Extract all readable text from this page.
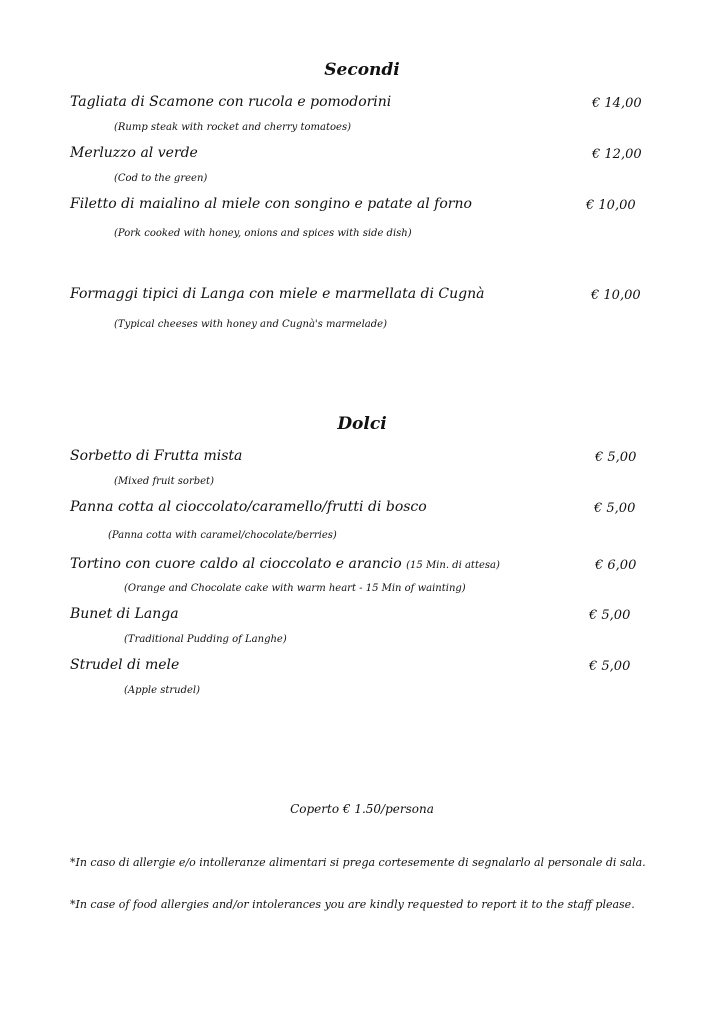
Secondi
Tagliata di Scamone con rucola e pomodorini	€ 14,00
(Rump steak with rocket and cherry tomatoes)
Merluzzo al verde	€ 12,00
(Cod to the green)
Filetto di maialino al miele con songino e patate al forno	€ 10,00
(Pork cooked with honey, onions and spices with side dish)
Formaggi tipici di Langa con miele e marmellata di Cugnà	€ 10,00
(Typical cheeses with honey and Cugnà's marmelade)
Dolci
Sorbetto di Frutta mista	€ 5,00
(Mixed fruit sorbet)
Panna cotta al cioccolato/caramello/frutti di bosco	€ 5,00
(Panna cotta with caramel/chocolate/berries)
Tortino con cuore caldo al cioccolato e arancio (15 Min. di attesa)	€ 6,00
(Orange and Chocolate cake with warm heart - 15 Min of wainting)
Bunet di Langa	€ 5,00
(Traditional Pudding of Langhe)
Strudel di mele	€ 5,00
(Apple strudel)
Coperto € 1.50/persona
*In caso di allergie e/o intolleranze alimentari si prega cortesemente di segnalarlo al personale di sala.
*In case of food allergies and/or intolerances you are kindly requested to report it to the staff please.
